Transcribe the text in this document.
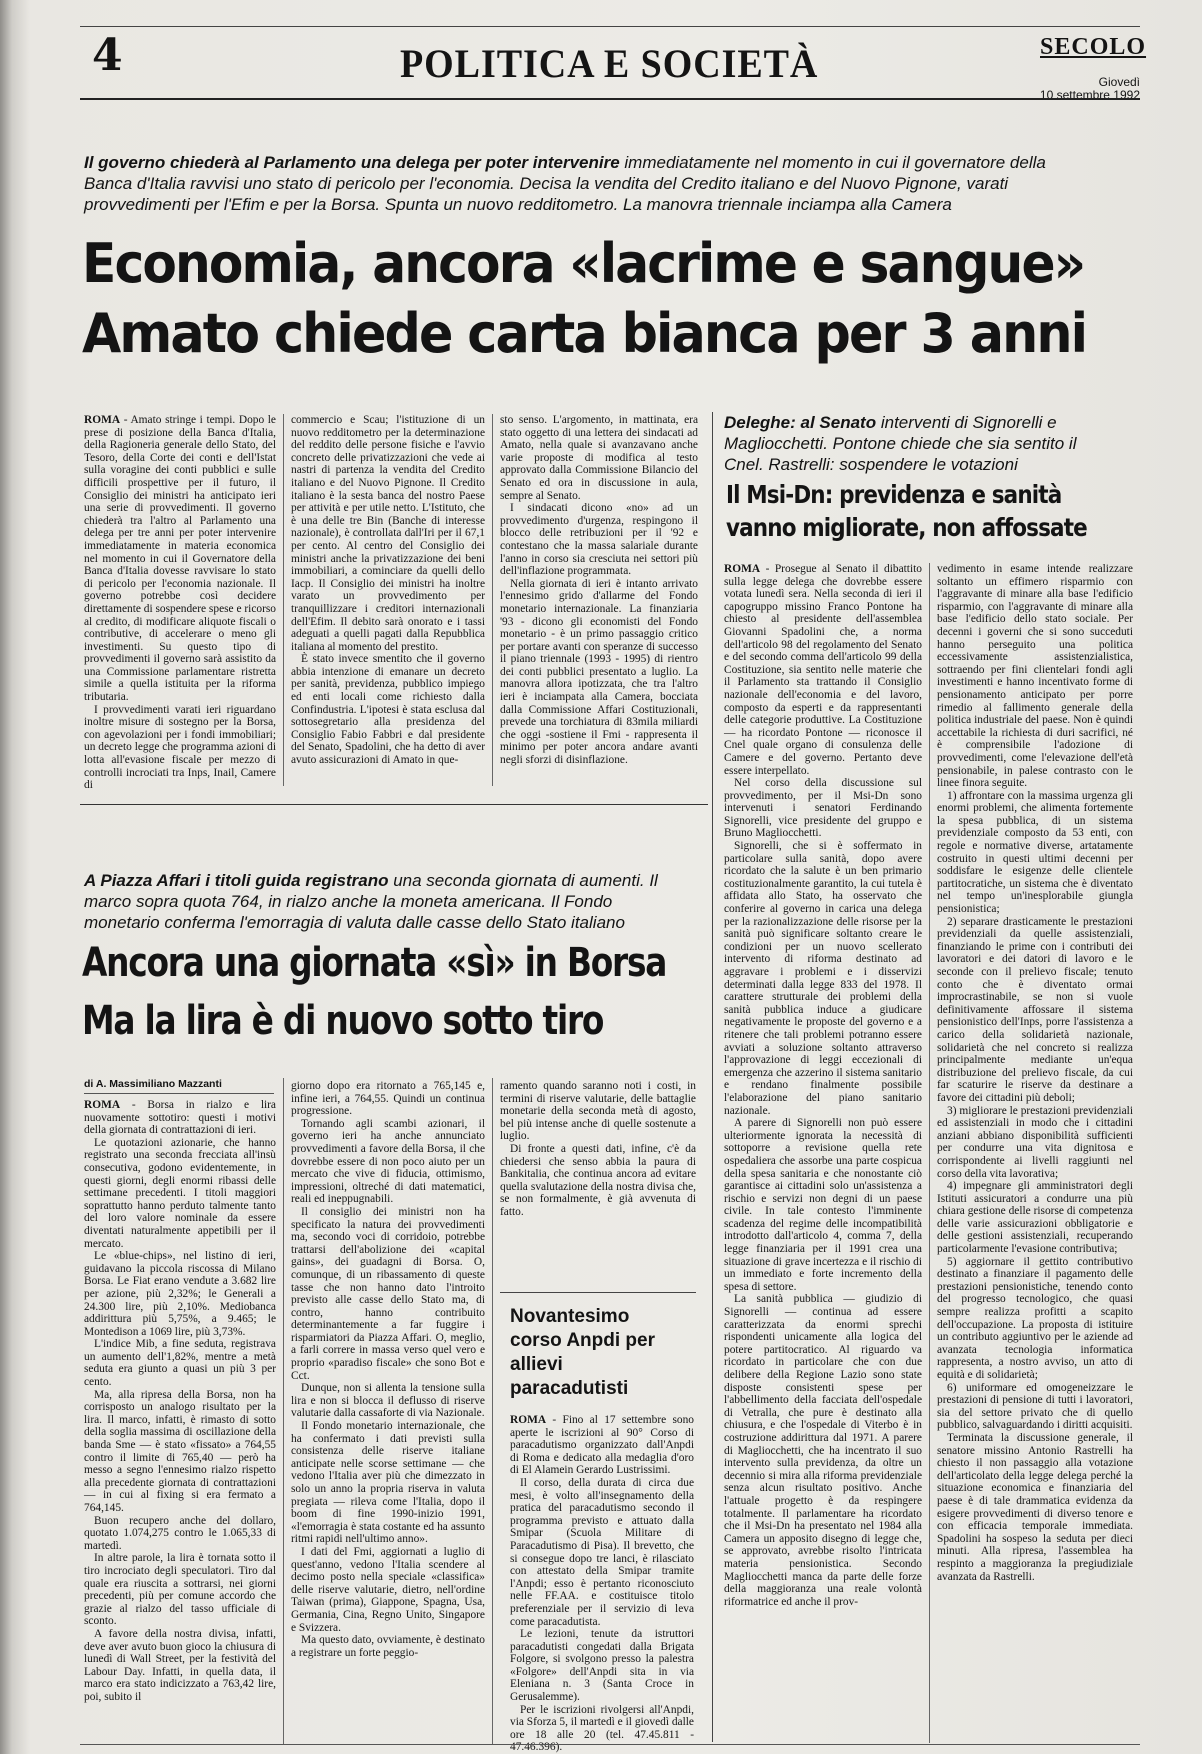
4	POLITICA E SOCIETÀ	SECOLO
Giovedì
10 settembre 1992
Il governo chiederà al Parlamento una delega per poter intervenire immediatamente nel momento in cui il governatore della Banca d'Italia ravvisi uno stato di pericolo per l'economia. Decisa la vendita del Credito italiano e del Nuovo Pignone, varati provvedimenti per l'Efim e per la Borsa. Spunta un nuovo redditometro. La manovra triennale inciampa alla Camera
Economia, ancora «lacrime e sangue»
Amato chiede carta bianca per 3 anni

ROMA - Amato stringe i tempi. Dopo le prese di posizione della Banca d'Italia, della Ragioneria generale dello Stato, del Tesoro, della Corte dei conti e dell'Istat sulla voragine dei conti pubblici e sulle difficili prospettive per il futuro, il Consiglio dei ministri ha anticipato ieri una serie di provvedimenti. Il governo chiederà tra l'altro al Parlamento una delega per tre anni per poter intervenire immediatamente in materia economica nel momento in cui il Governatore della Banca d'Italia dovesse ravvisare lo stato di pericolo per l'economia nazionale. Il governo potrebbe così decidere direttamente di sospendere spese e ricorso al credito, di modificare aliquote fiscali o contributive, di accelerare o meno gli investimenti. Su questo tipo di provvedimenti il governo sarà assistito da una Commissione parlamentare ristretta simile a quella istituita per la riforma tributaria.

I provvedimenti varati ieri riguardano inoltre misure di sostegno per la Borsa, con agevolazioni per i fondi immobiliari; un decreto legge che programma azioni di lotta all'evasione fiscale per mezzo di controlli incrociati tra Inps, Inail, Camere di

commercio e Scau; l'istituzione di un nuovo redditometro per la determinazione del reddito delle persone fisiche e l'avvio concreto delle privatizzazioni che vede ai nastri di partenza la vendita del Credito italiano e del Nuovo Pignone. Il Credito italiano è la sesta banca del nostro Paese per attività e per utile netto. L'Istituto, che è una delle tre Bin (Banche di interesse nazionale), è controllata dall'Iri per il 67,1 per cento. Al centro del Consiglio dei ministri anche la privatizzazione dei beni immobiliari, a cominciare da quelli dello Iacp. Il Consiglio dei ministri ha inoltre varato un provvedimento per tranquillizzare i creditori internazionali dell'Efim. Il debito sarà onorato e i tassi adeguati a quelli pagati dalla Repubblica italiana al momento del prestito.

È stato invece smentito che il governo abbia intenzione di emanare un decreto per sanità, previdenza, pubblico impiego ed enti locali come richiesto dalla Confindustria. L'ipotesi è stata esclusa dal sottosegretario alla presidenza del Consiglio Fabio Fabbri e dal presidente del Senato, Spadolini, che ha detto di aver avuto assicurazioni di Amato in que-

sto senso. L'argomento, in mattinata, era stato oggetto di una lettera dei sindacati ad Amato, nella quale si avanzavano anche varie proposte di modifica al testo approvato dalla Commissione Bilancio del Senato ed ora in discussione in aula, sempre al Senato.

I sindacati dicono «no» ad un provvedimento d'urgenza, respingono il blocco delle retribuzioni per il '92 e contestano che la massa salariale durante l'anno in corso sia cresciuta nei settori più dell'inflazione programmata.

Nella giornata di ieri è intanto arrivato l'ennesimo grido d'allarme del Fondo monetario internazionale. La finanziaria '93 - dicono gli economisti del Fondo monetario - è un primo passaggio critico per portare avanti con speranze di successo il piano triennale (1993 - 1995) di rientro dei conti pubblici presentato a luglio. La manovra allora ipotizzata, che tra l'altro ieri è inciampata alla Camera, bocciata dalla Commissione Affari Costituzionali, prevede una torchiatura di 83mila miliardi che oggi -sostiene il Fmi - rappresenta il minimo per poter ancora andare avanti negli sforzi di disinflazione.

Deleghe: al Senato interventi di Signorelli e Magliocchetti. Pontone chiede che sia sentito il Cnel. Rastrelli: sospendere le votazioni
Il Msi-Dn: previdenza e sanità
vanno migliorate, non affossate

ROMA - Prosegue al Senato il dibattito sulla legge delega che dovrebbe essere votata lunedì sera. Nella seconda di ieri il capogruppo missino Franco Pontone ha chiesto al presidente dell'assemblea Giovanni Spadolini che, a norma dell'articolo 98 del regolamento del Senato e del secondo comma dell'articolo 99 della Costituzione, sia sentito nelle materie che il Parlamento sta trattando il Consiglio nazionale dell'economia e del lavoro, composto da esperti e da rappresentanti delle categorie produttive. La Costituzione — ha ricordato Pontone — riconosce il Cnel quale organo di consulenza delle Camere e del governo. Pertanto deve essere interpellato.

Nel corso della discussione sul provvedimento, per il Msi-Dn sono intervenuti i senatori Ferdinando Signorelli, vice presidente del gruppo e Bruno Magliocchetti.

Signorelli, che si è soffermato in particolare sulla sanità, dopo avere ricordato che la salute è un ben primario costituzionalmente garantito, la cui tutela è affidata allo Stato, ha osservato che conferire al governo in carica una delega per la razionalizzazione delle risorse per la sanità può significare soltanto creare le condizioni per un nuovo scellerato intervento di riforma destinato ad aggravare i problemi e i disservizi determinati dalla legge 833 del 1978. Il carattere strutturale dei problemi della sanità pubblica induce a giudicare negativamente le proposte del governo e a ritenere che tali problemi potranno essere avviati a soluzione soltanto attraverso l'approvazione di leggi eccezionali di emergenza che azzerino il sistema sanitario e rendano finalmente possibile l'elaborazione del piano sanitario nazionale.

A parere di Signorelli non può essere ulteriormente ignorata la necessità di sottoporre a revisione quella rete ospedaliera che assorbe una parte cospicua della spesa sanitaria e che nonostante ciò garantisce ai cittadini solo un'assistenza a rischio e servizi non degni di un paese civile. In tale contesto l'imminente scadenza del regime delle incompatibilità introdotto dall'articolo 4, comma 7, della legge finanziaria per il 1991 crea una situazione di grave incertezza e il rischio di un immediato e forte incremento della spesa di settore.

La sanità pubblica — giudizio di Signorelli — continua ad essere caratterizzata da enormi sprechi rispondenti unicamente alla logica del potere partitocratico. Al riguardo va ricordato in particolare che con due delibere della Regione Lazio sono state disposte consistenti spese per l'abbellimento della facciata dell'ospedale di Vetralla, che pure è destinato alla chiusura, e che l'ospedale di Viterbo è in costruzione addirittura dal 1971. A parere di Magliocchetti, che ha incentrato il suo intervento sulla previdenza, da oltre un decennio si mira alla riforma previdenziale senza alcun risultato positivo. Anche l'attuale progetto è da respingere totalmente. Il parlamentare ha ricordato che il Msi-Dn ha presentato nel 1984 alla Camera un apposito disegno di legge che, se approvato, avrebbe risolto l'intricata materia pensionistica. Secondo Magliocchetti manca da parte delle forze della maggioranza una reale volontà riformatrice ed anche il prov-

vedimento in esame intende realizzare soltanto un effimero risparmio con l'aggravante di minare alla base l'edificio risparmio, con l'aggravante di minare alla base l'edificio dello stato sociale. Per decenni i governi che si sono succeduti hanno perseguito una politica eccessivamente assistenzialistica, sottraendo per fini clientelari fondi agli investimenti e hanno incentivato forme di pensionamento anticipato per porre rimedio al fallimento generale della politica industriale del paese. Non è quindi accettabile la richiesta di duri sacrifici, né è comprensibile l'adozione di provvedimenti, come l'elevazione dell'età pensionabile, in palese contrasto con le linee finora seguite.

1) affrontare con la massima urgenza gli enormi problemi, che alimenta fortemente la spesa pubblica, di un sistema previdenziale composto da 53 enti, con regole e normative diverse, artatamente costruito in questi ultimi decenni per soddisfare le esigenze delle clientele partitocratiche, un sistema che è diventato nel tempo un'inesplorabile giungla pensionistica;

2) separare drasticamente le prestazioni previdenziali da quelle assistenziali, finanziando le prime con i contributi dei lavoratori e dei datori di lavoro e le seconde con il prelievo fiscale; tenuto conto che è diventato ormai improcrastinabile, se non si vuole definitivamente affossare il sistema pensionistico dell'Inps, porre l'assistenza a carico della solidarietà nazionale, solidarietà che nel concreto si realizza principalmente mediante un'equa distribuzione del prelievo fiscale, da cui far scaturire le riserve da destinare a favore dei cittadini più deboli;

3) migliorare le prestazioni previdenziali ed assistenziali in modo che i cittadini anziani abbiano disponibilità sufficienti per condurre una vita dignitosa e corrispondente ai livelli raggiunti nel corso della vita lavorativa;

4) impegnare gli amministratori degli Istituti assicuratori a condurre una più chiara gestione delle risorse di competenza delle varie assicurazioni obbligatorie e delle gestioni assistenziali, recuperando particolarmente l'evasione contributiva;

5) aggiornare il gettito contributivo destinato a finanziare il pagamento delle prestazioni pensionistiche, tenendo conto del progresso tecnologico, che quasi sempre realizza profitti a scapito dell'occupazione. La proposta di istituire un contributo aggiuntivo per le aziende ad avanzata tecnologia informatica rappresenta, a nostro avviso, un atto di equità e di solidarietà;

6) uniformare ed omogeneizzare le prestazioni di pensione di tutti i lavoratori, sia del settore privato che di quello pubblico, salvaguardando i diritti acquisiti.

Terminata la discussione generale, il senatore missino Antonio Rastrelli ha chiesto il non passaggio alla votazione dell'articolato della legge delega perché la situazione economica e finanziaria del paese è di tale drammatica evidenza da esigere provvedimenti di diverso tenore e con efficacia temporale immediata. Spadolini ha sospeso la seduta per dieci minuti. Alla ripresa, l'assemblea ha respinto a maggioranza la pregiudiziale avanzata da Rastrelli.

A Piazza Affari i titoli guida registrano una seconda giornata di aumenti. Il marco sopra quota 764, in rialzo anche la moneta americana. Il Fondo monetario conferma l'emorragia di valuta dalle casse dello Stato italiano
Ancora una giornata «sì» in Borsa
Ma la lira è di nuovo sotto tiro
di A. Massimiliano Mazzanti

ROMA - Borsa in rialzo e lira nuovamente sottotiro: questi i motivi della giornata di contrattazioni di ieri.

Le quotazioni azionarie, che hanno registrato una seconda frecciata all'insù consecutiva, godono evidentemente, in questi giorni, degli enormi ribassi delle settimane precedenti. I titoli maggiori soprattutto hanno perduto talmente tanto del loro valore nominale da essere diventati naturalmente appetibili per il mercato.

Le «blue-chips», nel listino di ieri, guidavano la piccola riscossa di Milano Borsa. Le Fiat erano vendute a 3.682 lire per azione, più 2,32%; le Generali a 24.300 lire, più 2,10%. Mediobanca addirittura più 5,75%, a 9.465; le Montedison a 1069 lire, più 3,73%.

L'indice Mib, a fine seduta, registrava un aumento dell'1,82%, mentre a metà seduta era giunto a quasi un più 3 per cento.

Ma, alla ripresa della Borsa, non ha corrisposto un analogo risultato per la lira. Il marco, infatti, è rimasto di sotto della soglia massima di oscillazione della banda Sme — è stato «fissato» a 764,55 contro il limite di 765,40 — però ha messo a segno l'ennesimo rialzo rispetto alla precedente giornata di contrattazioni — in cui al fixing si era fermato a 764,145.

Buon recupero anche del dollaro, quotato 1.074,275 contro le 1.065,33 di martedì.

In altre parole, la lira è tornata sotto il tiro incrociato degli speculatori. Tiro dal quale era riuscita a sottrarsi, nei giorni precedenti, più per comune accordo che grazie al rialzo del tasso ufficiale di sconto.

A favore della nostra divisa, infatti, deve aver avuto buon gioco la chiusura di lunedì di Wall Street, per la festività del Labour Day. Infatti, in quella data, il marco era stato indicizzato a 763,42 lire, poi, subito il

giorno dopo era ritornato a 765,145 e, infine ieri, a 764,55. Quindi un continua progressione.

Tornando agli scambi azionari, il governo ieri ha anche annunciato provvedimenti a favore della Borsa, il che dovrebbe essere di non poco aiuto per un mercato che vive di fiducia, ottimismo, impressioni, oltreché di dati matematici, reali ed ineppugnabili.

Il consiglio dei ministri non ha specificato la natura dei provvedimenti ma, secondo voci di corridoio, potrebbe trattarsi dell'abolizione dei «capital gains», dei guadagni di Borsa. O, comunque, di un ribassamento di queste tasse che non hanno dato l'introito previsto alle casse dello Stato ma, di contro, hanno contribuito determinantemente a far fuggire i risparmiatori da Piazza Affari. O, meglio, a farli correre in massa verso quel vero e proprio «paradiso fiscale» che sono Bot e Cct.

Dunque, non si allenta la tensione sulla lira e non si blocca il deflusso di riserve valutarie dalla cassaforte di via Nazionale.

Il Fondo monetario internazionale, che ha confermato i dati previsti sulla consistenza delle riserve italiane anticipate nelle scorse settimane — che vedono l'Italia aver più che dimezzato in solo un anno la propria riserva in valuta pregiata — rileva come l'Italia, dopo il boom di fine 1990-inizio 1991, «l'emorragia è stata costante ed ha assunto ritmi rapidi nell'ultimo anno».

I dati del Fmi, aggiornati a luglio di quest'anno, vedono l'Italia scendere al decimo posto nella speciale «classifica» delle riserve valutarie, dietro, nell'ordine Taiwan (prima), Giappone, Spagna, Usa, Germania, Cina, Regno Unito, Singapore e Svizzera.

Ma questo dato, ovviamente, è destinato a registrare un forte peggio-

ramento quando saranno noti i costi, in termini di riserve valutarie, delle battaglie monetarie della seconda metà di agosto, bel più intense anche di quelle sostenute a luglio.

Di fronte a questi dati, infine, c'è da chiedersi che senso abbia la paura di Bankitalia, che continua ancora ad evitare quella svalutazione della nostra divisa che, se non formalmente, è già avvenuta di fatto.

Novantesimo corso Anpdi per allievi paracadutisti

ROMA - Fino al 17 settembre sono aperte le iscrizioni al 90° Corso di paracadutismo organizzato dall'Anpdi di Roma e dedicato alla medaglia d'oro di El Alamein Gerardo Lustrissimi.

Il corso, della durata di circa due mesi, è volto all'insegnamento della pratica del paracadutismo secondo il programma previsto e attuato dalla Smipar (Scuola Militare di Paracadutismo di Pisa). Il brevetto, che si consegue dopo tre lanci, è rilasciato con attestato della Smipar tramite l'Anpdi; esso è pertanto riconosciuto nelle FF.AA. e costituisce titolo preferenziale per il servizio di leva come paracadutista.

Le lezioni, tenute da istruttori paracadutisti congedati dalla Brigata Folgore, si svolgono presso la palestra «Folgore» dell'Anpdi sita in via Eleniana n. 3 (Santa Croce in Gerusalemme).

Per le iscrizioni rivolgersi all'Anpdi, via Sforza 5, il martedì e il giovedì dalle ore 18 alle 20 (tel. 47.45.811 - 47.46.396).
